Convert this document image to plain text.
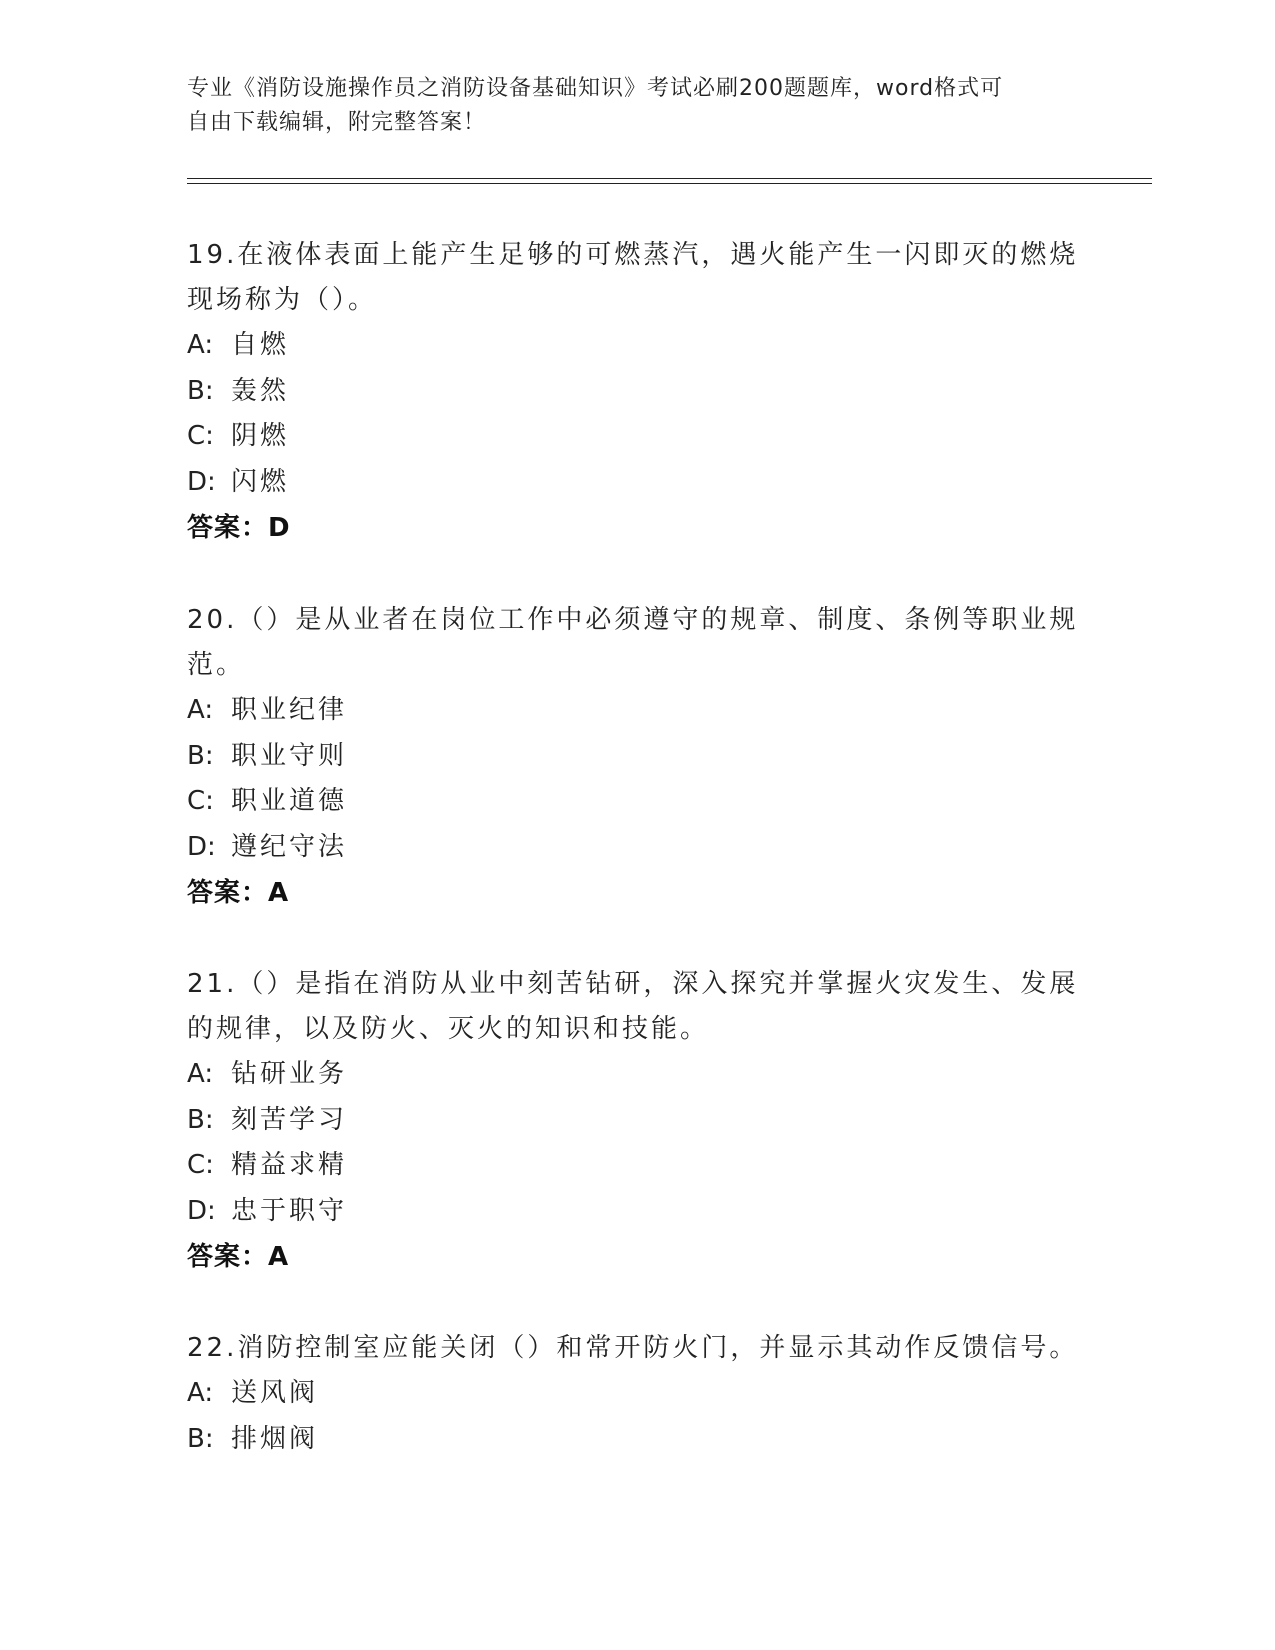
专业《消防设施操作员之消防设备基础知识》考试必刷200题题库，word格式可
自由下载编辑，附完整答案！
19.在液体表面上能产生足够的可燃蒸汽，遇火能产生一闪即灭的燃烧
现场称为（）。
A: 自燃
B: 轰然
C: 阴燃
D: 闪燃
答案：D
20.（）是从业者在岗位工作中必须遵守的规章、制度、条例等职业规
范。
A: 职业纪律
B: 职业守则
C: 职业道德
D: 遵纪守法
答案：A
21.（）是指在消防从业中刻苦钻研，深入探究并掌握火灾发生、发展
的规律，以及防火、灭火的知识和技能。
A: 钻研业务
B: 刻苦学习
C: 精益求精
D: 忠于职守
答案：A
22.消防控制室应能关闭（）和常开防火门，并显示其动作反馈信号。
A: 送风阀
B: 排烟阀
